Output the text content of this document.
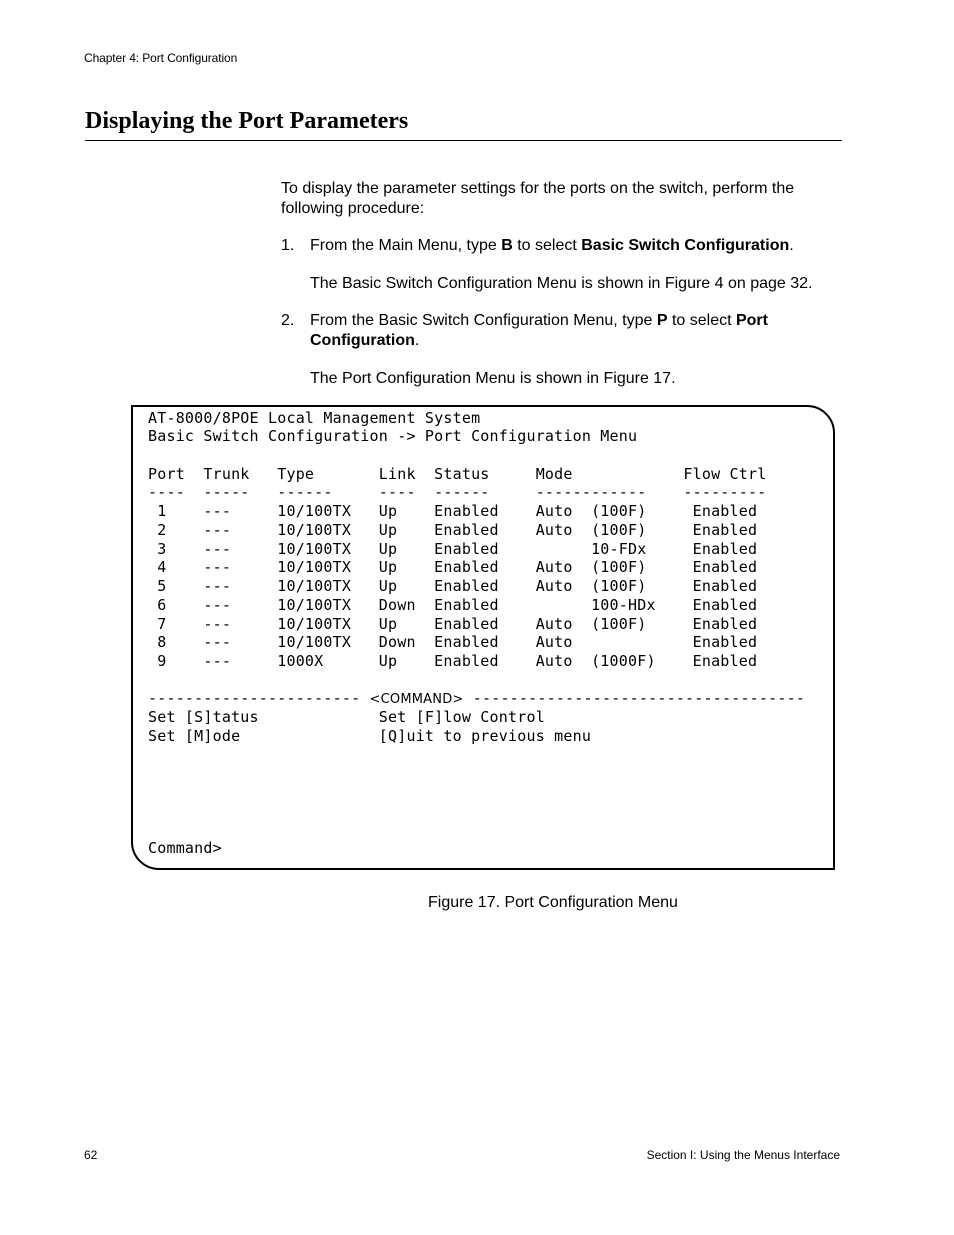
Chapter 4: Port Configuration
Displaying the Port Parameters
To display the parameter settings for the ports on the switch, perform the following procedure:
1. From the Main Menu, type B to select Basic Switch Configuration.
The Basic Switch Configuration Menu is shown in Figure 4 on page 32.
2. From the Basic Switch Configuration Menu, type P to select Port Configuration.
The Port Configuration Menu is shown in Figure 17.
AT-8000/8POE Local Management System
Basic Switch Configuration -> Port Configuration Menu
Port  Trunk   Type       Link  Status     Mode            Flow Ctrl
----  -----   ------     ----  ------     ------------    ---------
1    ---     10/100TX   Up    Enabled    Auto  (100F)     Enabled
2    ---     10/100TX   Up    Enabled    Auto  (100F)     Enabled
3    ---     10/100TX   Up    Enabled          10-FDx     Enabled
4    ---     10/100TX   Up    Enabled    Auto  (100F)     Enabled
5    ---     10/100TX   Up    Enabled    Auto  (100F)     Enabled
6    ---     10/100TX   Down  Enabled          100-HDx    Enabled
7    ---     10/100TX   Up    Enabled    Auto  (100F)     Enabled
8    ---     10/100TX   Down  Enabled    Auto             Enabled
9    ---     1000X      Up    Enabled    Auto  (1000F)    Enabled
----------------------- <COMMAND> ------------------------------------
Set [S]tatus             Set [F]low Control
Set [M]ode               [Q]uit to previous menu
Command>
Figure 17. Port Configuration Menu
62	Section I: Using the Menus Interface
